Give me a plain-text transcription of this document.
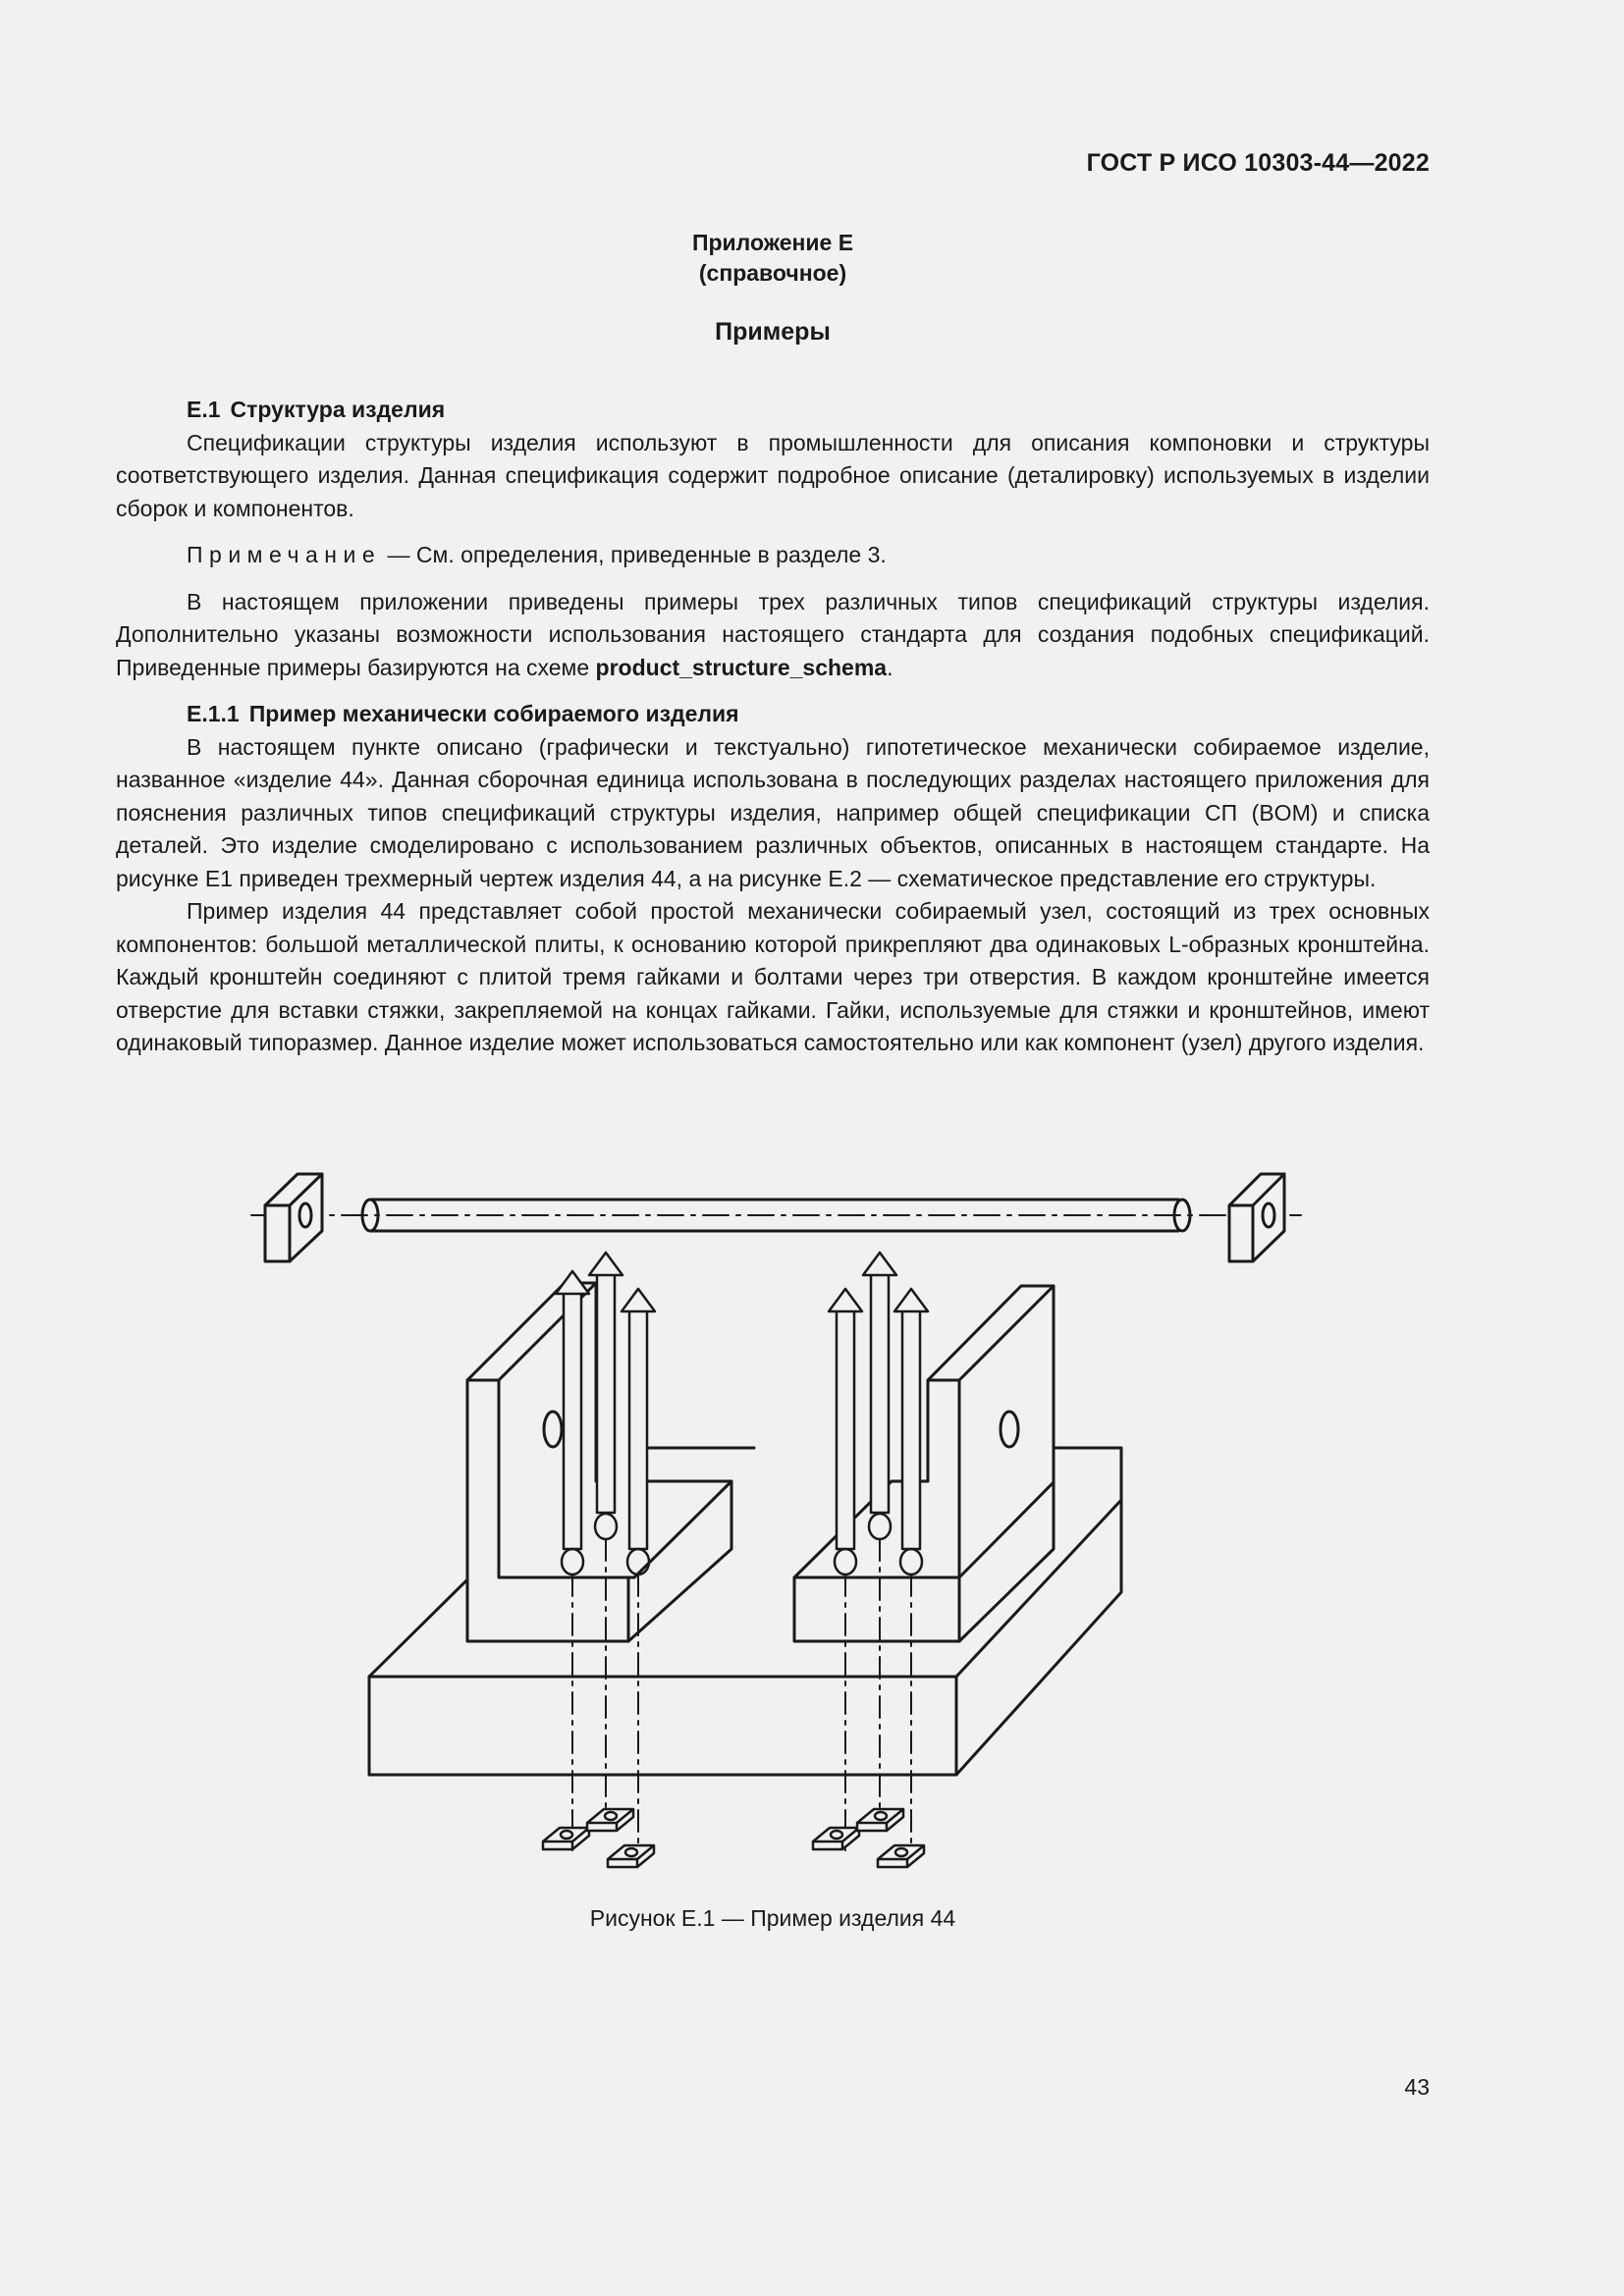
ГОСТ Р ИСО 10303-44—2022
Приложение Е
(справочное)
Примеры

Е.1 Структура изделия

Спецификации структуры изделия используют в промышленности для описания компоновки и структуры соответствующего изделия. Данная спецификация содержит подробное описание (деталировку) используемых в изделии сборок и компонентов.

Примечание — См. определения, приведенные в разделе 3.

В настоящем приложении приведены примеры трех различных типов спецификаций структуры изделия. Дополнительно указаны возможности использования настоящего стандарта для создания подобных спецификаций. Приведенные примеры базируются на схеме product_structure_schema.

Е.1.1 Пример механически собираемого изделия

В настоящем пункте описано (графически и текстуально) гипотетическое механически собираемое изделие, названное «изделие 44». Данная сборочная единица использована в последующих разделах настоящего приложения для пояснения различных типов спецификаций структуры изделия, например общей спецификации СП (BOM) и списка деталей. Это изделие смоделировано с использованием различных объектов, описанных в настоящем стандарте. На рисунке Е1 приведен трехмерный чертеж изделия 44, а на рисунке Е.2 — схематическое представление его структуры.

Пример изделия 44 представляет собой простой механически собираемый узел, состоящий из трех основных компонентов: большой металлической плиты, к основанию которой прикрепляют два одинаковых L-образных кронштейна. Каждый кронштейн соединяют с плитой тремя гайками и болтами через три отверстия. В каждом кронштейне имеется отверстие для вставки стяжки, закрепляемой на концах гайками. Гайки, используемые для стяжки и кронштейнов, имеют одинаковый типоразмер. Данное изделие может использоваться самостоятельно или как компонент (узел) другого изделия.

Рисунок Е.1 — Пример изделия 44
43
